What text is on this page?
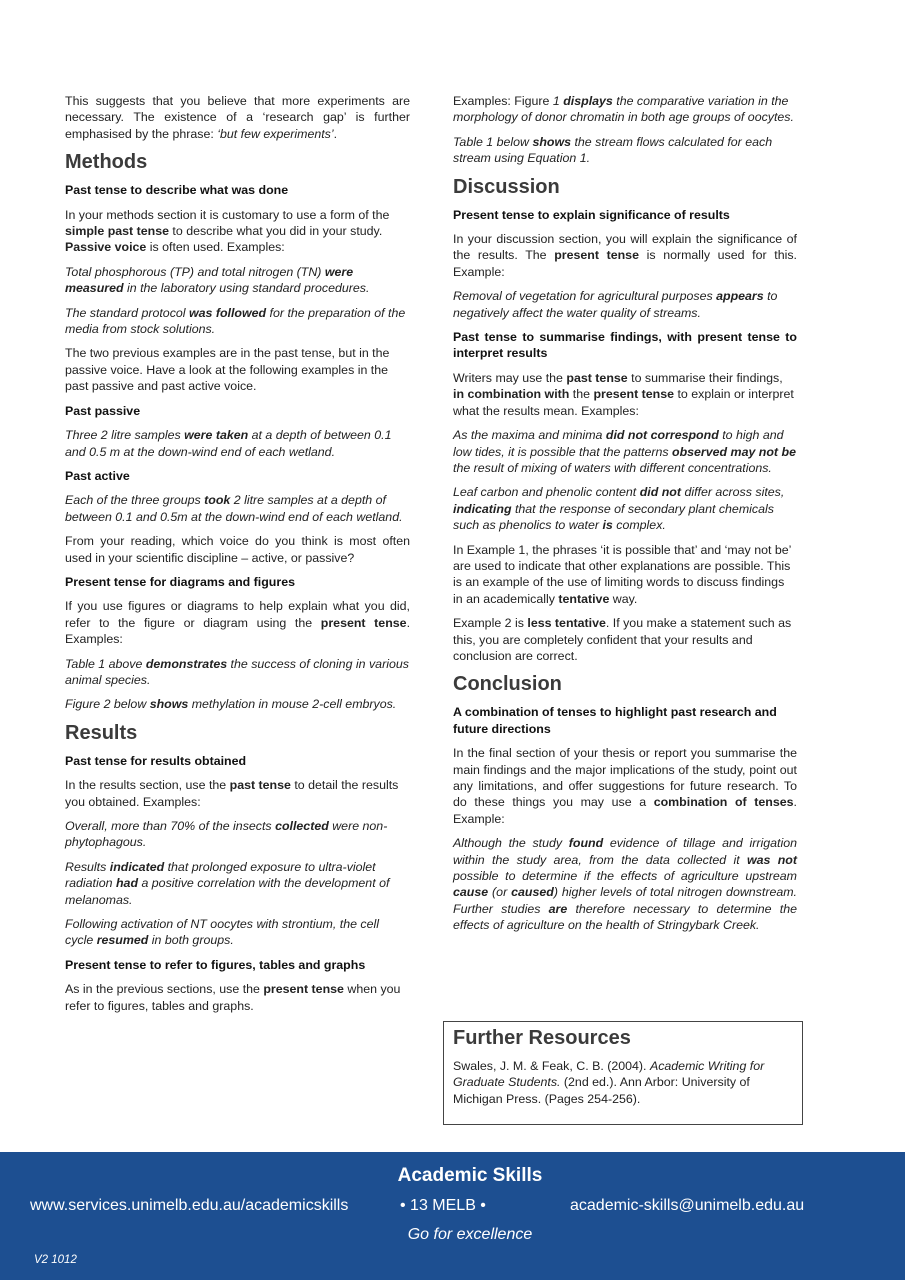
This suggests that you believe that more experiments are necessary. The existence of a ‘research gap’ is further emphasised by the phrase: ‘but few experiments’.

Methods
Past tense to describe what was done

In your methods section it is customary to use a form of the simple past tense to describe what you did in your study. Passive voice is often used. Examples:

Total phosphorous (TP) and total nitrogen (TN) were measured in the laboratory using standard procedures.

The standard protocol was followed for the preparation of the media from stock solutions.

The two previous examples are in the past tense, but in the passive voice. Have a look at the following examples in the past passive and past active voice.

Past passive

Three 2 litre samples were taken at a depth of between 0.1 and 0.5 m at the down-wind end of each wetland.

Past active

Each of the three groups took 2 litre samples at a depth of between 0.1 and 0.5m at the down-wind end of each wetland.

From your reading, which voice do you think is most often used in your scientific discipline – active, or passive?

Present tense for diagrams and figures

If you use figures or diagrams to help explain what you did, refer to the figure or diagram using the present tense. Examples:

Table 1 above demonstrates the success of cloning in various animal species.

Figure 2 below shows methylation in mouse 2-cell embryos.

Results
Past tense for results obtained

In the results section, use the past tense to detail the results you obtained. Examples:

Overall, more than 70% of the insects collected were non-phytophagous.

Results indicated that prolonged exposure to ultra-violet radiation had a positive correlation with the development of melanomas.

Following activation of NT oocytes with strontium, the cell cycle resumed in both groups.

Present tense to refer to figures, tables and graphs

As in the previous sections, use the present tense when you refer to figures, tables and graphs.

Examples: Figure 1 displays the comparative variation in the morphology of donor chromatin in both age groups of oocytes.

Table 1 below shows the stream flows calculated for each stream using Equation 1.

Discussion
Present tense to explain significance of results

In your discussion section, you will explain the significance of the results. The present tense is normally used for this. Example:

Removal of vegetation for agricultural purposes appears to negatively affect the water quality of streams.

Past tense to summarise findings, with present tense to interpret results

Writers may use the past tense to summarise their findings, in combination with the present tense to explain or interpret what the results mean. Examples:

As the maxima and minima did not correspond to high and low tides, it is possible that the patterns observed may not be the result of mixing of waters with different concentrations.

Leaf carbon and phenolic content did not differ across sites, indicating that the response of secondary plant chemicals such as phenolics to water is complex.

In Example 1, the phrases ‘it is possible that’ and ‘may not be’ are used to indicate that other explanations are possible. This is an example of the use of limiting words to discuss findings in an academically tentative way.

Example 2 is less tentative. If you make a statement such as this, you are completely confident that your results and conclusion are correct.

Conclusion
A combination of tenses to highlight past research and future directions

In the final section of your thesis or report you summarise the main findings and the major implications of the study, point out any limitations, and offer suggestions for future research. To do these things you may use a combination of tenses. Example:

Although the study found evidence of tillage and irrigation within the study area, from the data collected it was not possible to determine if the effects of agriculture upstream cause (or caused) higher levels of total nitrogen downstream. Further studies are therefore necessary to determine the effects of agriculture on the health of Stringybark Creek.

Further Resources

Swales, J. M. & Feak, C. B. (2004). Academic Writing for Graduate Students. (2nd ed.). Ann Arbor: University of Michigan Press. (Pages 254-256).

Academic Skills
www.services.unimelb.edu.au/academicskills	• 13 MELB •	academic-skills@unimelb.edu.au
Go for excellence
V2 1012
